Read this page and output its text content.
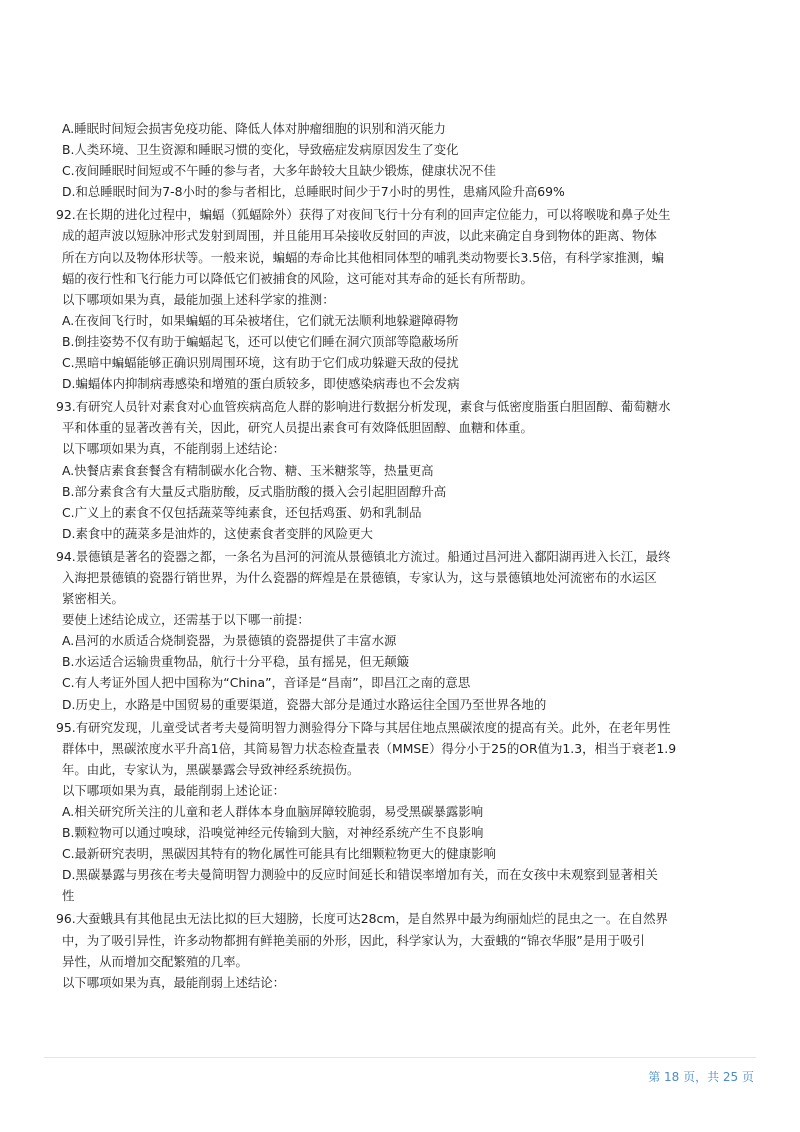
A.睡眠时间短会损害免疫功能、降低人体对肿瘤细胞的识别和消灭能力
B.人类环境、卫生资源和睡眠习惯的变化，导致癌症发病原因发生了变化
C.夜间睡眠时间短或不午睡的参与者，大多年龄较大且缺少锻炼，健康状况不佳
D.和总睡眠时间为7-8小时的参与者相比，总睡眠时间少于7小时的男性，患痛风险升高69%
92.在长期的进化过程中，蝙蝠（狐蝠除外）获得了对夜间飞行十分有利的回声定位能力，可以将喉咙和鼻子处生
成的超声波以短脉冲形式发射到周围，并且能用耳朵接收反射回的声波，以此来确定自身到物体的距离、物体
所在方向以及物体形状等。一般来说，蝙蝠的寿命比其他相同体型的哺乳类动物要长3.5倍，有科学家推测，蝙
蝠的夜行性和飞行能力可以降低它们被捕食的风险，这可能对其寿命的延长有所帮助。
以下哪项如果为真，最能加强上述科学家的推测：
A.在夜间飞行时，如果蝙蝠的耳朵被堵住，它们就无法顺利地躲避障碍物
B.倒挂姿势不仅有助于蝙蝠起飞，还可以使它们睡在洞穴顶部等隐蔽场所
C.黑暗中蝙蝠能够正确识别周围环境，这有助于它们成功躲避天敌的侵扰
D.蝙蝠体内抑制病毒感染和增殖的蛋白质较多，即使感染病毒也不会发病
93.有研究人员针对素食对心血管疾病高危人群的影响进行数据分析发现，素食与低密度脂蛋白胆固醇、葡萄糖水
平和体重的显著改善有关，因此，研究人员提出素食可有效降低胆固醇、血糖和体重。
以下哪项如果为真，不能削弱上述结论：
A.快餐店素食套餐含有精制碳水化合物、糖、玉米糖浆等，热量更高
B.部分素食含有大量反式脂肪酸，反式脂肪酸的摄入会引起胆固醇升高
C.广义上的素食不仅包括蔬菜等纯素食，还包括鸡蛋、奶和乳制品
D.素食中的蔬菜多是油炸的，这使素食者变胖的风险更大
94.景德镇是著名的瓷器之都，一条名为昌河的河流从景德镇北方流过。船通过昌河进入鄱阳湖再进入长江，最终
入海把景德镇的瓷器行销世界，为什么瓷器的辉煌是在景德镇，专家认为，这与景德镇地处河流密布的水运区
紧密相关。
要使上述结论成立，还需基于以下哪一前提：
A.昌河的水质适合烧制瓷器，为景德镇的瓷器提供了丰富水源
B.水运适合运输贵重物品，航行十分平稳，虽有摇晃，但无颠簸
C.有人考证外国人把中国称为“China”，音译是“昌南”，即昌江之南的意思
D.历史上，水路是中国贸易的重要渠道，瓷器大部分是通过水路运往全国乃至世界各地的
95.有研究发现，儿童受试者考夫曼简明智力测验得分下降与其居住地点黑碳浓度的提高有关。此外，在老年男性
群体中，黑碳浓度水平升高1倍，其简易智力状态检查量表（MMSE）得分小于25的OR值为1.3，相当于衰老1.9
年。由此，专家认为，黑碳暴露会导致神经系统损伤。
以下哪项如果为真，最能削弱上述论证：
A.相关研究所关注的儿童和老人群体本身血脑屏障较脆弱，易受黑碳暴露影响
B.颗粒物可以通过嗅球，沿嗅觉神经元传输到大脑，对神经系统产生不良影响
C.最新研究表明，黑碳因其特有的物化属性可能具有比细颗粒物更大的健康影响
D.黑碳暴露与男孩在考夫曼简明智力测验中的反应时间延长和错误率增加有关，而在女孩中未观察到显著相关
性
96.大蚕蛾具有其他昆虫无法比拟的巨大翅膀，长度可达28cm，是自然界中最为绚丽灿烂的昆虫之一。在自然界
中，为了吸引异性，许多动物都拥有鲜艳美丽的外形，因此，科学家认为，大蚕蛾的“锦衣华服”是用于吸引
异性，从而增加交配繁殖的几率。
以下哪项如果为真，最能削弱上述结论：
第 18 页，共 25 页
